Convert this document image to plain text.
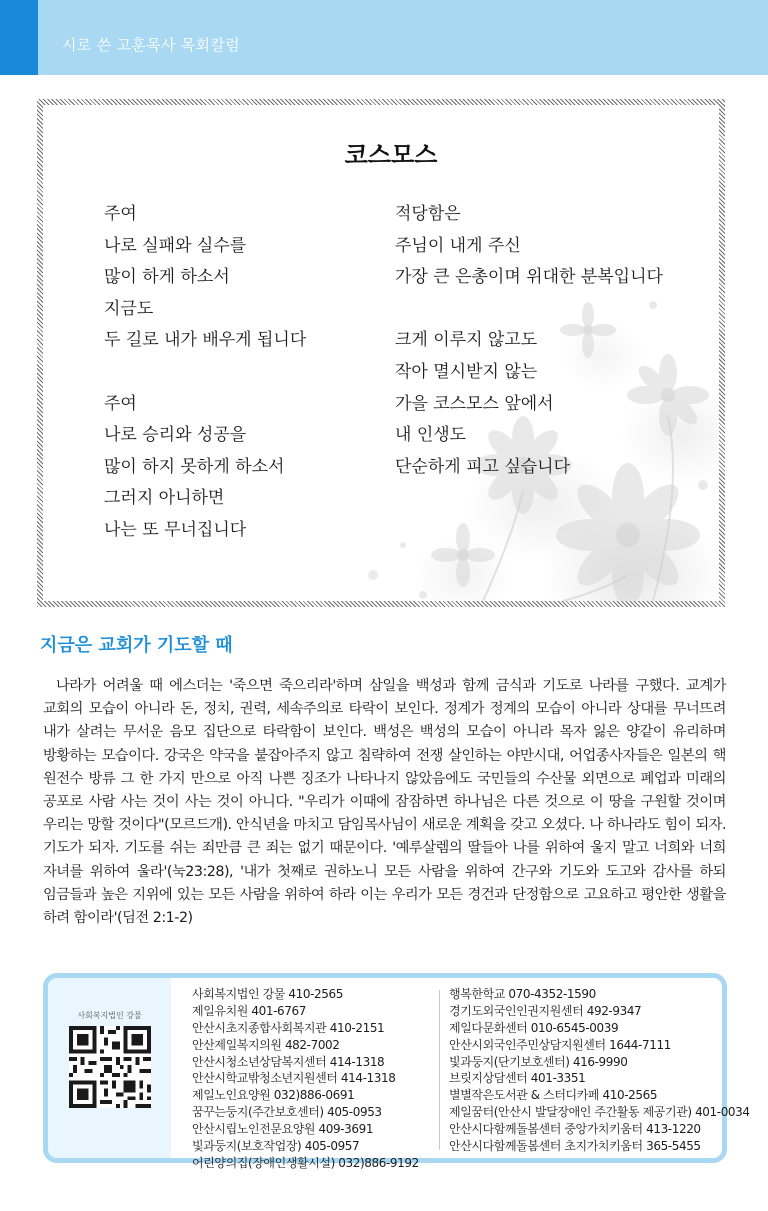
시로 쓴 고훈목사 목회칼럼
코스모스
주여
나로 실패와 실수를
많이 하게 하소서
지금도
두 길로 내가 배우게 됩니다
주여
나로 승리와 성공을
많이 하지 못하게 하소서
그러지 아니하면
나는 또 무너집니다
적당함은
주님이 내게 주신
가장 큰 은총이며 위대한 분복입니다
크게 이루지 않고도
작아 멸시받지 않는
가을 코스모스 앞에서
내 인생도
단순하게 피고 싶습니다
지금은 교회가 기도할 때

나라가 어려울 때 에스더는 '죽으면 죽으리라'하며 삼일을 백성과 함께 금식과 기도로 나라를 구했다. 교계가 교회의 모습이 아니라 돈, 정치, 권력, 세속주의로 타락이 보인다. 정계가 정계의 모습이 아니라 상대를 무너뜨려 내가 살려는 무서운 음모 집단으로 타락함이 보인다. 백성은 백성의 모습이 아니라 목자 잃은 양같이 유리하며 방황하는 모습이다. 강국은 약국을 붙잡아주지 않고 침략하여 전쟁 살인하는 야만시대, 어업종사자들은 일본의 핵 원전수 방류 그 한 가지 만으로 아직 나쁜 징조가 나타나지 않았음에도 국민들의 수산물 외면으로 폐업과 미래의 공포로 사람 사는 것이 사는 것이 아니다. "우리가 이때에 잠잠하면 하나님은 다른 것으로 이 땅을 구원할 것이며 우리는 망할 것이다"(모르드개). 안식년을 마치고 담임목사님이 새로운 계획을 갖고 오셨다. 나 하나라도 힘이 되자. 기도가 되자. 기도를 쉬는 죄만큼 큰 죄는 없기 때문이다. '예루살렘의 딸들아 나를 위하여 울지 말고 너희와 너희 자녀를 위하여 울라'(눅23:28), '내가 첫째로 권하노니 모든 사람을 위하여 간구와 기도와 도고와 감사를 하되 임금들과 높은 지위에 있는 모든 사람을 위하여 하라 이는 우리가 모든 경건과 단정함으로 고요하고 평안한 생활을 하려 함이라'(딤전 2:1-2)

사회복지법인 강물
사회복지법인 강물 410-2565
제일유치원 401-6767
안산시초지종합사회복지관 410-2151
안산제일복지의원 482-7002
안산시청소년상담복지센터 414-1318
안산시학교밖청소년지원센터 414-1318
제일노인요양원 032)886-0691
꿈꾸는둥지(주간보호센터) 405-0953
안산시립노인전문요양원 409-3691
빛과둥지(보호작업장) 405-0957
어린양의집(장애인생활시설) 032)886-9192
행복한학교 070-4352-1590
경기도외국인인권지원센터 492-9347
제일다문화센터 010-6545-0039
안산시외국인주민상담지원센터 1644-7111
빛과둥지(단기보호센터) 416-9990
브릿지상담센터 401-3351
별별작은도서관 & 스터디카페 410-2565
제일꿈터(안산시 발달장애인 주간활동 제공기관) 401-0034
안산시다함께돌봄센터 중앙가치키움터 413-1220
안산시다함께돌봄센터 초지가치키움터 365-5455
